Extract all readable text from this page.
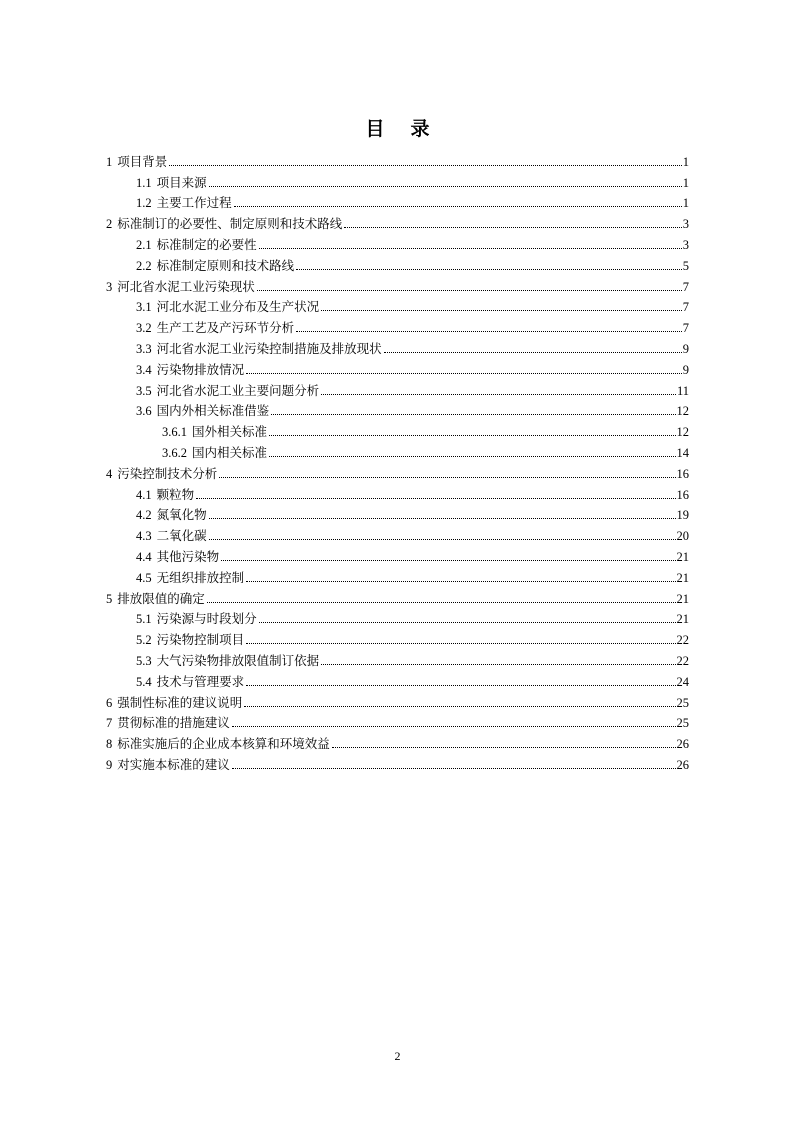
目 录
1 项目背景	1
1.1 项目来源	1
1.2 主要工作过程	1
2 标准制订的必要性、制定原则和技术路线	3
2.1 标准制定的必要性	3
2.2 标准制定原则和技术路线	5
3 河北省水泥工业污染现状	7
3.1 河北水泥工业分布及生产状况	7
3.2 生产工艺及产污环节分析	7
3.3 河北省水泥工业污染控制措施及排放现状	9
3.4 污染物排放情况	9
3.5 河北省水泥工业主要问题分析	11
3.6 国内外相关标准借鉴	12
3.6.1 国外相关标准	12
3.6.2 国内相关标准	14
4 污染控制技术分析	16
4.1 颗粒物	16
4.2 氮氧化物	19
4.3 二氧化碳	20
4.4 其他污染物	21
4.5 无组织排放控制	21
5 排放限值的确定	21
5.1 污染源与时段划分	21
5.2 污染物控制项目	22
5.3 大气污染物排放限值制订依据	22
5.4 技术与管理要求	24
6 强制性标准的建议说明	25
7 贯彻标准的措施建议	25
8 标准实施后的企业成本核算和环境效益	26
9 对实施本标准的建议	26
2
